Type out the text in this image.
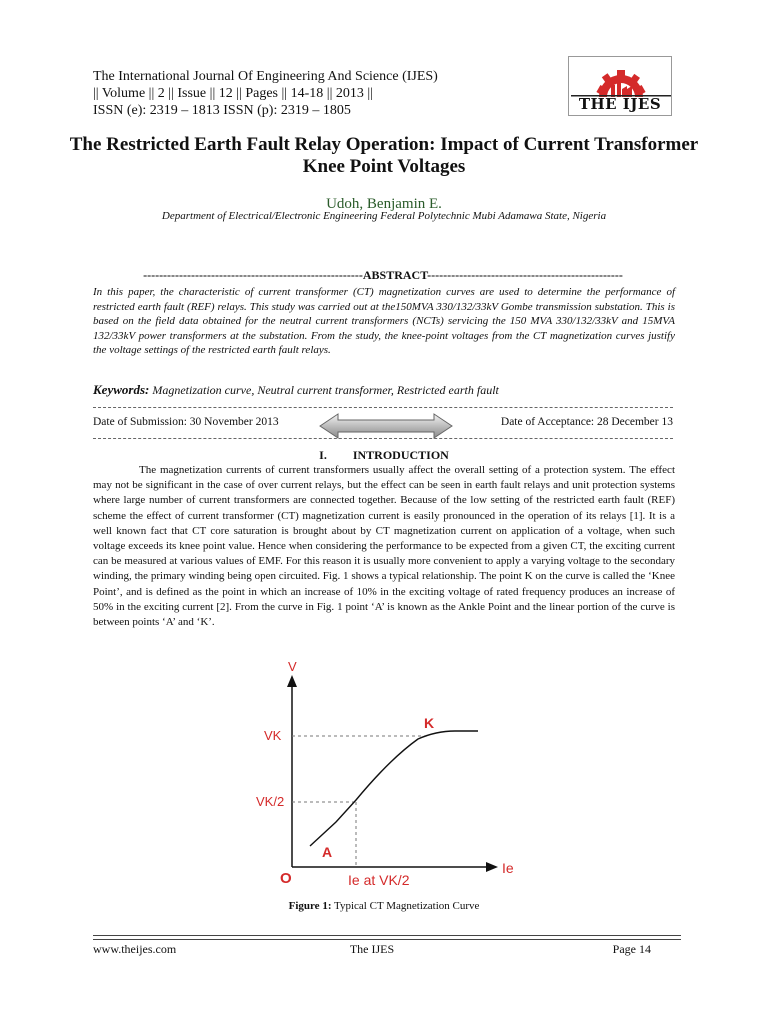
The International Journal Of Engineering And Science (IJES)
|| Volume || 2 || Issue || 12 || Pages || 14-18 || 2013 ||
ISSN (e): 2319 – 1813 ISSN (p): 2319 – 1805	THE IJES
The Restricted Earth Fault Relay Operation: Impact of Current Transformer Knee Point Voltages
Udoh, Benjamin E.
Department of Electrical/Electronic Engineering Federal Polytechnic Mubi Adamawa State, Nigeria
-------------------------------------------------------ABSTRACT-------------------------------------------------
In this paper, the characteristic of current transformer (CT) magnetization curves are used to determine the performance of restricted earth fault (REF) relays. This study was carried out at the150MVA 330/132/33kV Gombe transmission substation. This is based on the field data obtained for the neutral current transformers (NCTs) servicing the 150 MVA 330/132/33kV and 15MVA 132/33kV power transformers at the substation. From the study, the knee-point voltages from the CT magnetization curves justify the voltage settings of the restricted earth fault relays.
Keywords: Magnetization curve, Neutral current transformer, Restricted earth fault
Date of Submission: 30 November 2013	Date of Acceptance: 28 December 13
I. INTRODUCTION
The magnetization currents of current transformers usually affect the overall setting of a protection system. The effect may not be significant in the case of over current relays, but the effect can be seen in earth fault relays and unit protection systems where large number of current transformers are connected together. Because of the low setting of the restricted earth fault (REF) scheme the effect of current transformer (CT) magnetization current is easily pronounced in the operation of its relays [1]. It is a well known fact that CT core saturation is brought about by CT magnetization current on application of a voltage, when such voltage exceeds its knee point value. Hence when considering the performance to be expected from a given CT, the exciting current can be measured at various values of EMF. For this reason it is usually more convenient to apply a varying voltage to the secondary winding, the primary winding being open circuited. Fig. 1 shows a typical relationship. The point K on the curve is called the ‘Knee Point’, and is defined as the point in which an increase of 10% in the exciting voltage of rated frequency produces an increase of 50% in the exciting current [2]. From the curve in Fig. 1 point ‘A’ is known as the Ankle Point and the linear portion of the curve is between points ‘A’ and ‘K’.
V
VK
VK/2
K
A
O	Ie at VK/2
Ie
Figure 1: Typical CT Magnetization Curve
www.theijes.com	The IJES	Page 14
